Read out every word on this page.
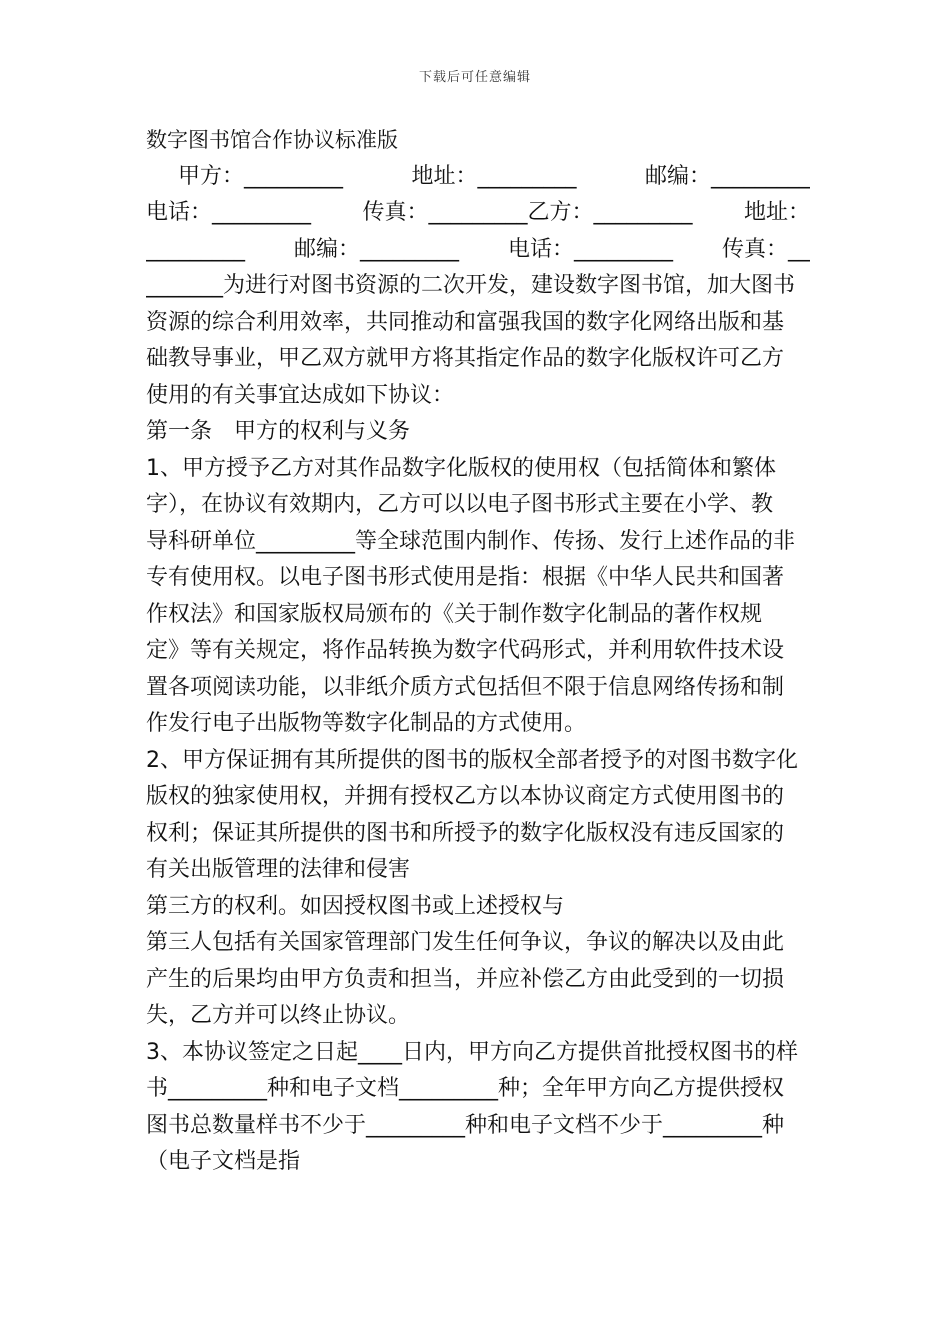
下载后可任意编辑
数字图书馆合作协议标准版
甲方：_________	地址：_________	邮编：_________
电话：_________ 传真：_________乙方：_________ 地址：
_________ 邮编：_________ 电话：_________ 传真：__
_______为进行对图书资源的二次开发，建设数字图书馆，加大图书
资源的综合利用效率，共同推动和富强我国的数字化网络出版和基
础教导事业，甲乙双方就甲方将其指定作品的数字化版权许可乙方
使用的有关事宜达成如下协议：
第一条　甲方的权利与义务
1、甲方授予乙方对其作品数字化版权的使用权（包括简体和繁体
字），在协议有效期内，乙方可以以电子图书形式主要在小学、教
导科研单位_________等全球范围内制作、传扬、发行上述作品的非
专有使用权。以电子图书形式使用是指：根据《中华人民共和国著
作权法》和国家版权局颁布的《关于制作数字化制品的著作权规
定》等有关规定，将作品转换为数字代码形式，并利用软件技术设
置各项阅读功能，以非纸介质方式包括但不限于信息网络传扬和制
作发行电子出版物等数字化制品的方式使用。
2、甲方保证拥有其所提供的图书的版权全部者授予的对图书数字化
版权的独家使用权，并拥有授权乙方以本协议商定方式使用图书的
权利；保证其所提供的图书和所授予的数字化版权没有违反国家的
有关出版管理的法律和侵害
第三方的权利。如因授权图书或上述授权与
第三人包括有关国家管理部门发生任何争议，争议的解决以及由此
产生的后果均由甲方负责和担当，并应补偿乙方由此受到的一切损
失，乙方并可以终止协议。
3、本协议签定之日起____日内，甲方向乙方提供首批授权图书的样
书_________种和电子文档_________种；全年甲方向乙方提供授权
图书总数量样书不少于_________种和电子文档不少于_________种
（电子文档是指
